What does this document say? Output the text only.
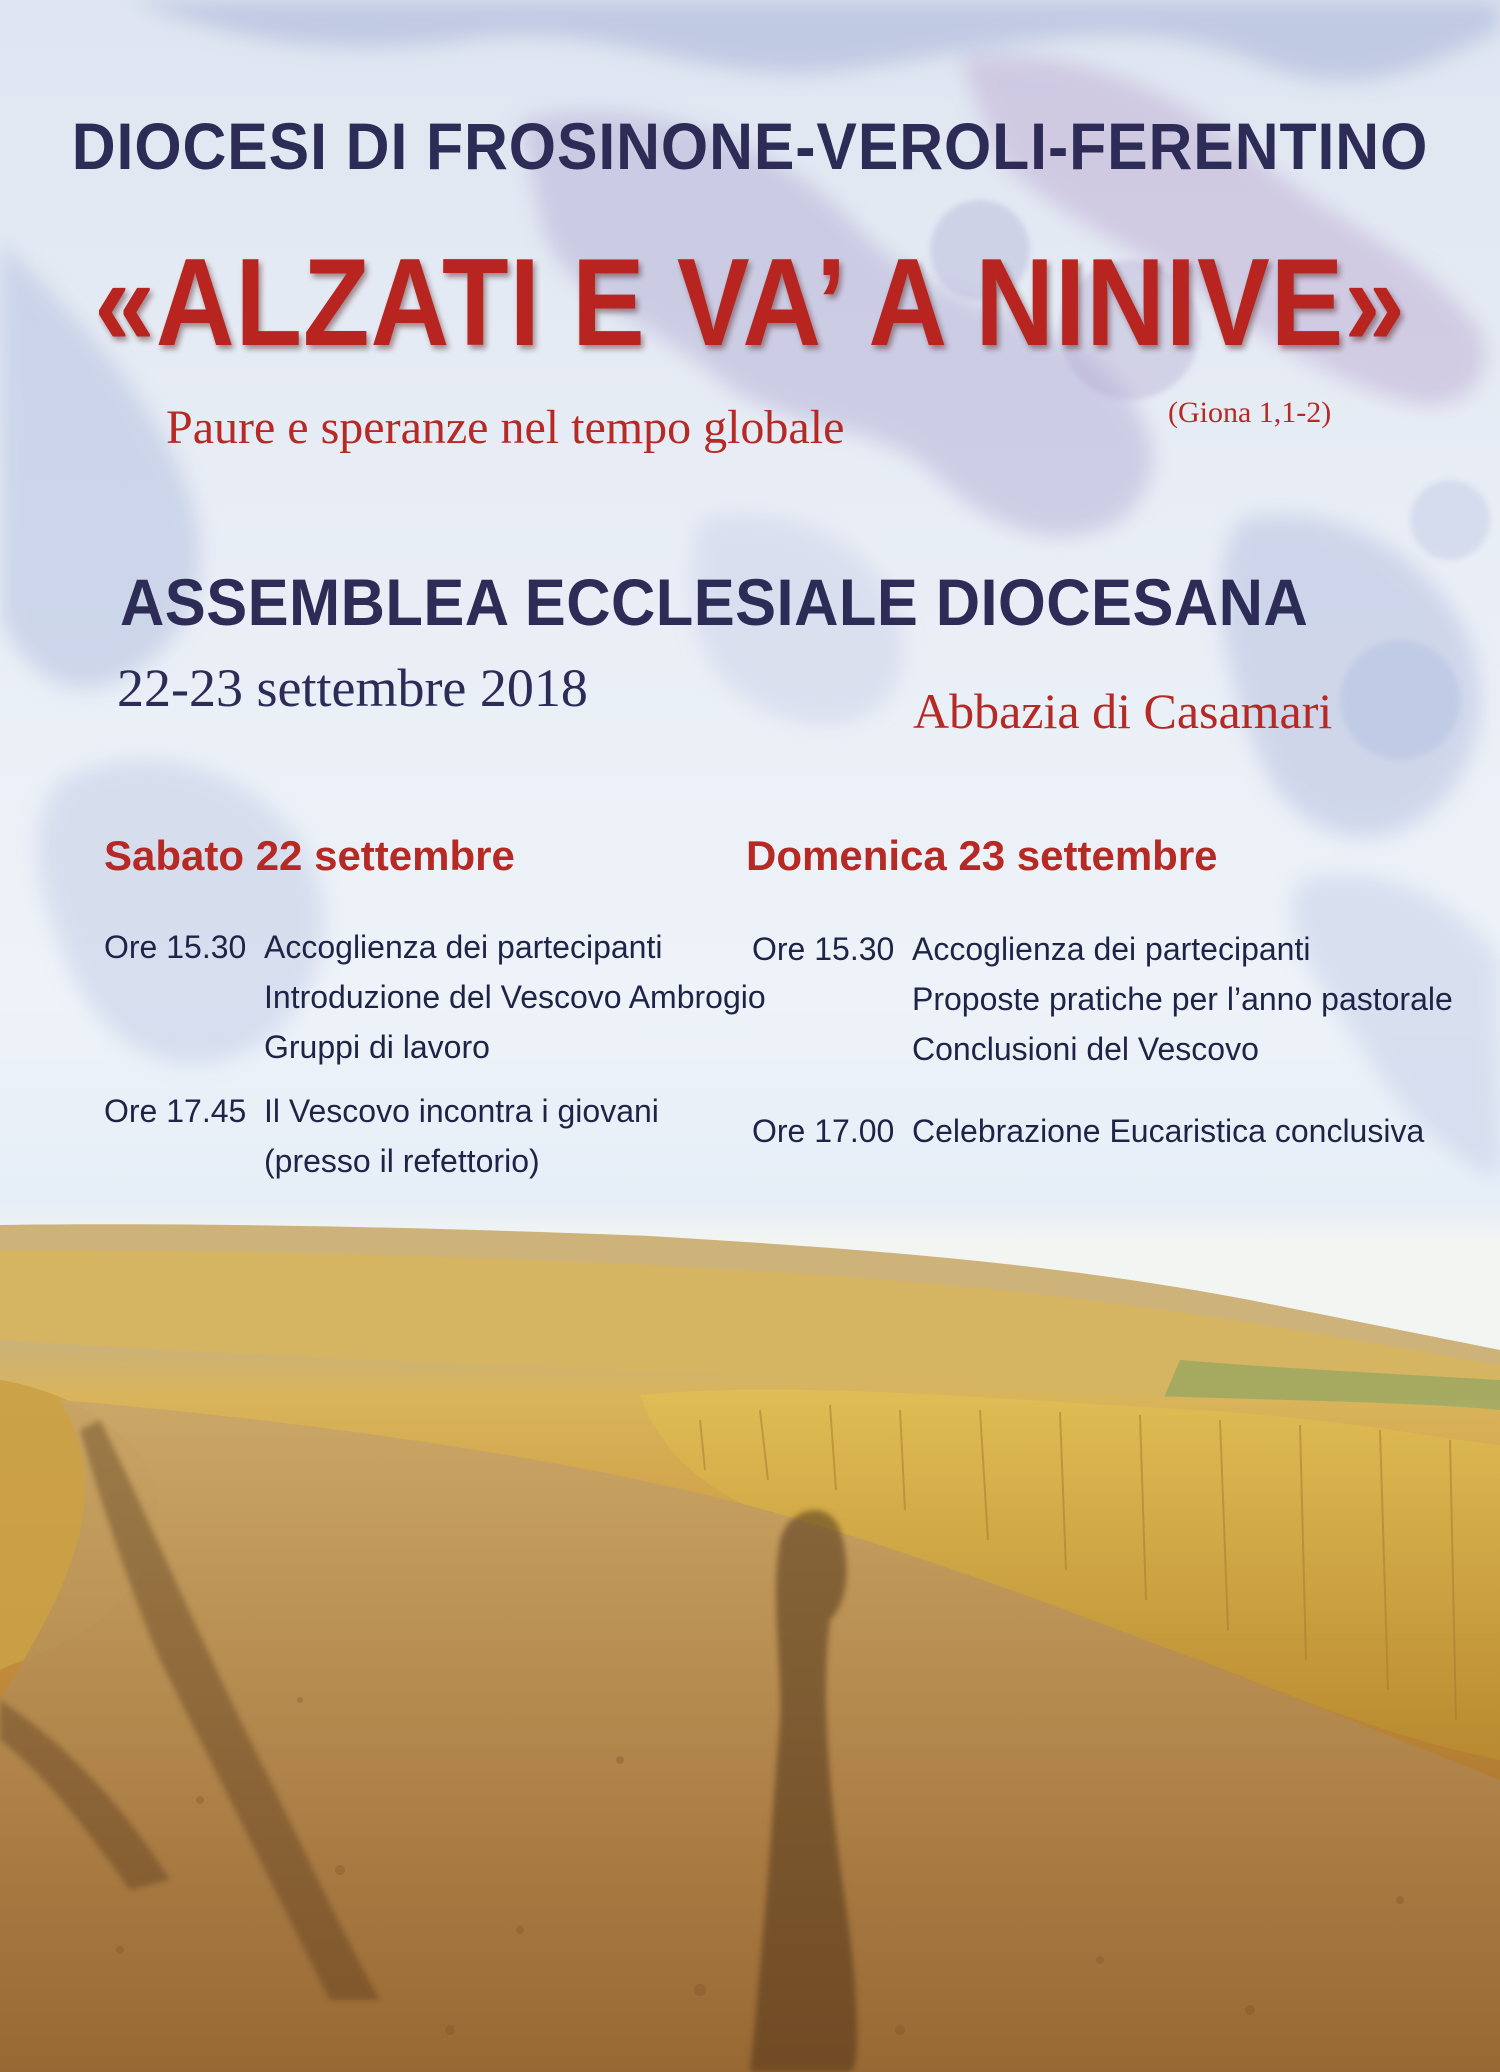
DIOCESI DI FROSINONE-VEROLI-FERENTINO
«ALZATI E VA’ A NINIVE»

Paure e speranze nel tempo globale	(Giona 1,1-2)

ASSEMBLEA ECCLESIALE DIOCESANA

22-23 settembre 2018	Abbazia di Casamari

Sabato 22 settembre
Ore 15.30 Accoglienza dei partecipanti
Introduzione del Vescovo Ambrogio
Gruppi di lavoro
Ore 17.45 Il Vescovo incontra i giovani
(presso il refettorio)
Domenica 23 settembre
Ore 15.30 Accoglienza dei partecipanti
Proposte pratiche per l’anno pastorale
Conclusioni del Vescovo
Ore 17.00 Celebrazione Eucaristica conclusiva
